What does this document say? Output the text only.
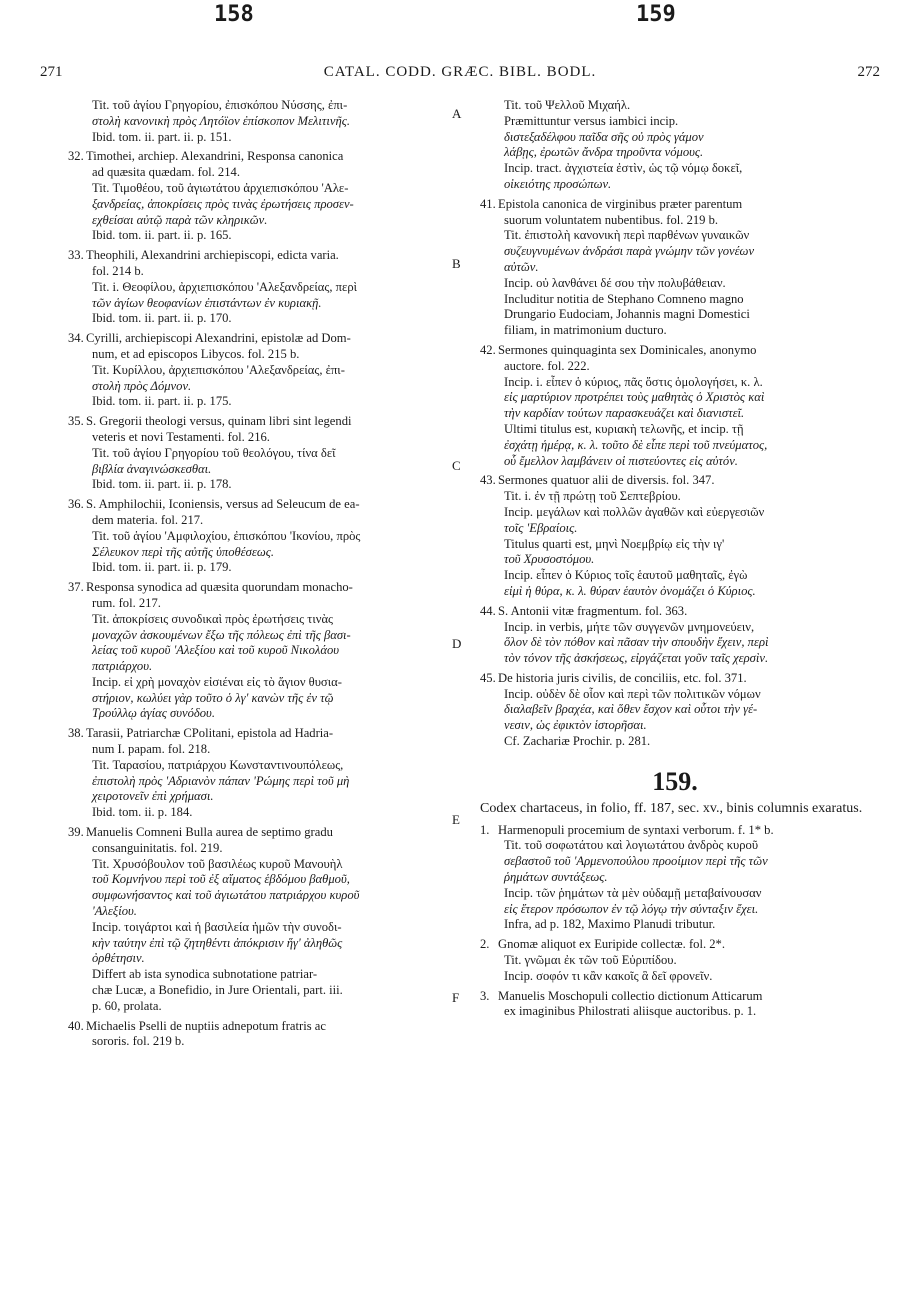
158	159
CATAL. CODD. GRÆC. BIBL. BODL.
271	272
A
B
C
D
E
F
Tit. τοῦ ἁγίου Γρηγορίου, ἐπισκόπου Νύσσης, ἐπι-
στολὴ κανονικὴ πρὸς Λητόϊον ἐπίσκοπον Μελιτινῆς.
Ibid. tom. ii. part. ii. p. 151.
32.Timothei, archiep. Alexandrini, Responsa canonica
ad quæsita quædam. fol. 214.
Tit. Τιμοθέου, τοῦ ἁγιωτάτου ἀρχιεπισκόπου 'Αλε-
ξανδρείας, ἀποκρίσεις πρὸς τινὰς ἐρωτήσεις προσεν-
εχθείσαι αὐτῷ παρὰ τῶν κληρικῶν.
Ibid. tom. ii. part. ii. p. 165.
33.Theophili, Alexandrini archiepiscopi, edicta varia.
fol. 214 b.
Tit. i. Θεοφίλου, ἀρχιεπισκόπου 'Αλεξανδρείας, περὶ
τῶν ἁγίων θεοφανίων ἐπιστάντων ἐν κυριακῇ.
Ibid. tom. ii. part. ii. p. 170.
34.Cyrilli, archiepiscopi Alexandrini, epistolæ ad Dom-
num, et ad episcopos Libycos. fol. 215 b.
Tit. Κυρίλλου, ἀρχιεπισκόπου 'Αλεξανδρείας, ἐπι-
στολὴ πρὸς Δόμνον.
Ibid. tom. ii. part. ii. p. 175.
35.S. Gregorii theologi versus, quinam libri sint legendi
veteris et novi Testamenti. fol. 216.
Tit. τοῦ ἁγίου Γρηγορίου τοῦ θεολόγου, τίνα δεῖ
βιβλία ἀναγινώσκεσθαι.
Ibid. tom. ii. part. ii. p. 178.
36.S. Amphilochii, Iconiensis, versus ad Seleucum de ea-
dem materia. fol. 217.
Tit. τοῦ ἁγίου 'Αμφιλοχίου, ἐπισκόπου 'Ικονίου, πρὸς
Σέλευκον περὶ τῆς αὐτῆς ὑποθέσεως.
Ibid. tom. ii. part. ii. p. 179.
37.Responsa synodica ad quæsita quorundam monacho-
rum. fol. 217.
Tit. ἀποκρίσεις συνοδικαὶ πρὸς ἐρωτήσεις τινὰς
μοναχῶν ἀσκουμένων ἔξω τῆς πόλεως ἐπὶ τῆς βασι-
λείας τοῦ κυροῦ 'Αλεξίου καὶ τοῦ κυροῦ Νικολάου
πατριάρχου.
Incip. εἰ χρὴ μοναχὸν εἰσιέναι εἰς τὸ ἅγιον θυσια-
στήριον, κωλύει γὰρ τοῦτο ὁ λγ' κανὼν τῆς ἐν τῷ
Τρούλλῳ ἁγίας συνόδου.
38.Tarasii, Patriarchæ CPolitani, epistola ad Hadria-
num I. papam. fol. 218.
Tit. Ταρασίου, πατριάρχου Κωνσταντινουπόλεως,
ἐπιστολὴ πρὸς 'Αδριανὸν πάπαν 'Ρώμης περὶ τοῦ μὴ
χειροτονεῖν ἐπὶ χρήμασι.
Ibid. tom. ii. p. 184.
39.Manuelis Comneni Bulla aurea de septimo gradu
consanguinitatis. fol. 219.
Tit. Χρυσόβουλον τοῦ βασιλέως κυροῦ Μανουὴλ
τοῦ Κομνήνου περὶ τοῦ ἐξ αἵματος ἑβδόμου βαθμοῦ,
συμφωνήσαντος καὶ τοῦ ἁγιωτάτου πατριάρχου κυροῦ
'Αλεξίου.
Incip. τοιγάρτοι καὶ ἡ βασιλεία ἡμῶν τὴν συνοδι-
κὴν ταύτην ἐπὶ τῷ ζητηθέντι ἀπόκρισιν ἥγ' ἀληθῶς
ὀρθέτησιν.
Differt ab ista synodica subnotatione patriar-
chæ Lucæ, a Bonefidio, in Jure Orientali, part. iii.
p. 60, prolata.
40.Michaelis Pselli de nuptiis adnepotum fratris ac
sororis. fol. 219 b.
Tit. τοῦ Ψελλοῦ Μιχαήλ.
Præmittuntur versus iambici incip.
διστεξαδέλφου παῖδα σῆς οὐ πρὸς γάμον
λάβῃς, ἐρωτῶν ἄνδρα τηροῦντα νόμους.
Incip. tract. ἀγχιστεία ἐστὶν, ὡς τῷ νόμῳ δοκεῖ,
οἰκειότης προσώπων.
41.Epistola canonica de virginibus præter parentum
suorum voluntatem nubentibus. fol. 219 b.
Tit. ἐπιστολὴ κανονικὴ περὶ παρθένων γυναικῶν
συζευγνυμένων ἀνδράσι παρὰ γνώμην τῶν γονέων
αὐτῶν.
Incip. οὐ λανθάνει δέ σου τὴν πολυβάθειαν.
Includitur notitia de Stephano Comneno magno
Drungario Eudociam, Johannis magni Domestici
filiam, in matrimonium ducturo.
42.Sermones quinquaginta sex Dominicales, anonymo
auctore. fol. 222.
Incip. i. εἶπεν ὁ κύριος, πᾶς ὅστις ὁμολογήσει, κ. λ.
εἰς μαρτύριον προτρέπει τοὺς μαθητὰς ὁ Χριστὸς καὶ
τὴν καρδίαν τούτων παρασκευάζει καὶ διανιστεῖ.
Ultimi titulus est, κυριακὴ τελωνῆς, et incip. τῇ
ἐσχάτῃ ἡμέρᾳ, κ. λ. τοῦτο δὲ εἶπε περὶ τοῦ πνεύματος,
οὗ ἔμελλον λαμβάνειν οἱ πιστεύοντες εἰς αὐτόν.
43.Sermones quatuor alii de diversis. fol. 347.
Tit. i. ἐν τῇ πρώτῃ τοῦ Σεπτεβρίου.
Incip. μεγάλων καὶ πολλῶν ἀγαθῶν καὶ εὐεργεσιῶν
τοῖς 'Εβραίοις.
Titulus quarti est, μηνὶ Νοεμβρίῳ εἰς τὴν ιγ'
τοῦ Χρυσοστόμου.
Incip. εἶπεν ὁ Κύριος τοῖς ἑαυτοῦ μαθηταῖς, ἐγὼ
εἰμὶ ἡ θύρα, κ. λ. θύραν ἑαυτὸν ὀνομάζει ὁ Κύριος.
44.S. Antonii vitæ fragmentum. fol. 363.
Incip. in verbis, μήτε τῶν συγγενῶν μνημονεύειν,
ὅλον δὲ τὸν πόθον καὶ πᾶσαν τὴν σπουδὴν ἔχειν, περὶ
τὸν τόνον τῆς ἀσκήσεως, εἰργάζεται γοῦν ταῖς χερσὶν.
45.De historia juris civilis, de conciliis, etc. fol. 371.
Incip. οὐδὲν δὲ οἷον καὶ περὶ τῶν πολιτικῶν νόμων
διαλαβεῖν βραχέα, καὶ ὅθεν ἔσχον καὶ οὗτοι τὴν γέ-
νεσιν, ὡς ἐφικτὸν ἱστορῆσαι.
Cf. Zachariæ Prochir. p. 281.
159.
Codex chartaceus, in folio, ff. 187, sec. xv., binis columnis exaratus.
1.Harmenopuli procemium de syntaxi verborum. f. 1* b.
Tit. τοῦ σοφωτάτου καὶ λογιωτάτου ἀνδρὸς κυροῦ
σεβαστοῦ τοῦ 'Αρμενοπούλου προοίμιον περὶ τῆς τῶν
ῥημάτων συντάξεως.
Incip. τῶν ῥημάτων τὰ μὲν οὐδαμῇ μεταβαίνουσαν
εἰς ἕτερον πρόσωπον ἐν τῷ λόγῳ τὴν σύνταξιν ἔχει.
Infra, ad p. 182, Maximo Planudi tributur.
2.Gnomæ aliquot ex Euripide collectæ. fol. 2*.
Tit. γνῶμαι ἐκ τῶν τοῦ Εὐριπίδου.
Incip. σοφόν τι κἂν κακοῖς ἃ δεῖ φρονεῖν.
3.Manuelis Moschopuli collectio dictionum Atticarum
ex imaginibus Philostrati aliisque auctoribus. p. 1.
